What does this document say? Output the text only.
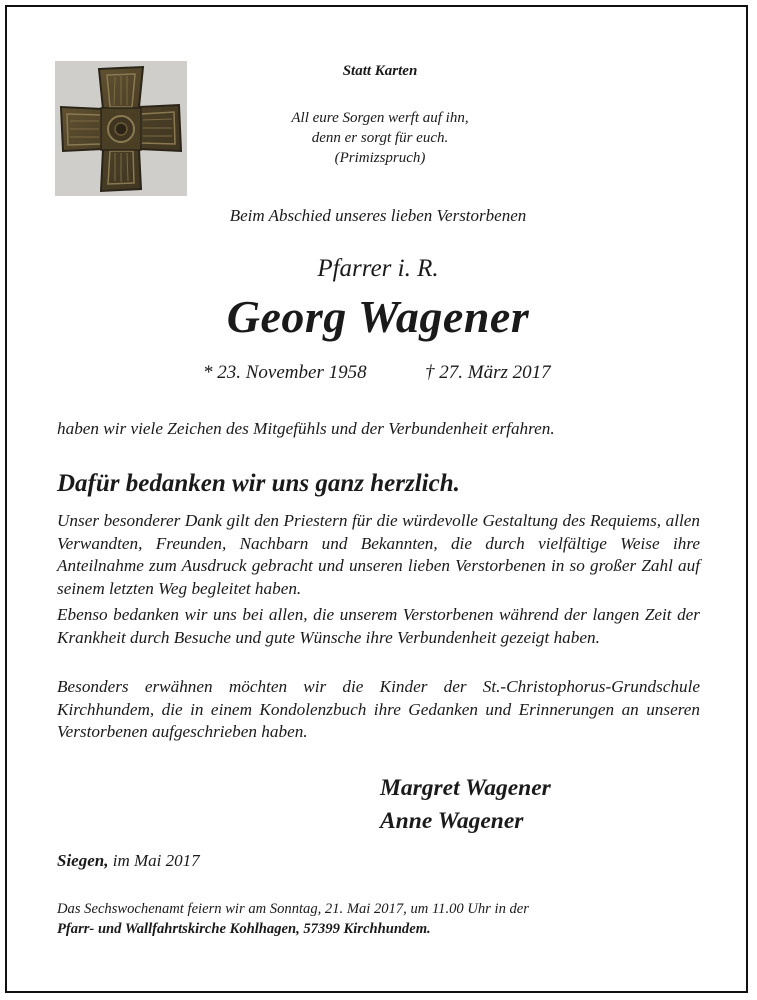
Statt Karten
All eure Sorgen werft auf ihn,
denn er sorgt für euch.
(Primizspruch)
Beim Abschied unseres lieben Verstorbenen
Pfarrer i. R.
Georg Wagener
* 23. November 1958	† 27. März 2017
haben wir viele Zeichen des Mitgefühls und der Verbundenheit erfahren.
Dafür bedanken wir uns ganz herzlich.

Unser besonderer Dank gilt den Priestern für die würdevolle Gestaltung des Requiems, allen Verwandten, Freunden, Nachbarn und Bekannten, die durch vielfältige Weise ihre Anteilnahme zum Ausdruck gebracht und unseren lieben Verstorbenen in so großer Zahl auf seinem letzten Weg begleitet haben.

Ebenso bedanken wir uns bei allen, die unserem Verstorbenen während der langen Zeit der Krankheit durch Besuche und gute Wünsche ihre Verbundenheit gezeigt haben.

Besonders erwähnen möchten wir die Kinder der St.-Christophorus-Grundschule Kirchhundem, die in einem Kondolenzbuch ihre Gedanken und Erinnerungen an unseren Verstorbenen aufgeschrieben haben.

Margret Wagener
Anne Wagener
Siegen, im Mai 2017
Das Sechswochenamt feiern wir am Sonntag, 21. Mai 2017, um 11.00 Uhr in der
Pfarr- und Wallfahrtskirche Kohlhagen, 57399 Kirchhundem.
